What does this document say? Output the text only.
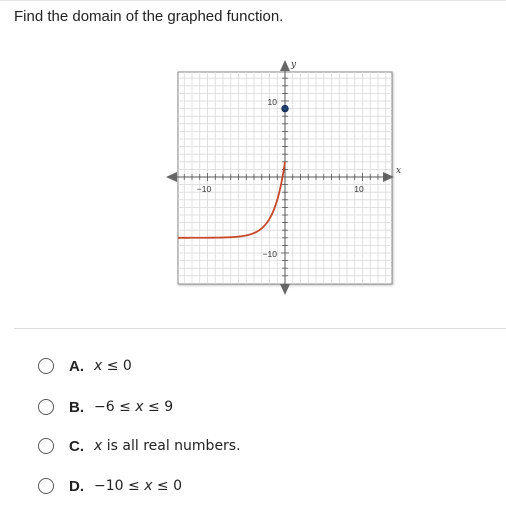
Find the domain of the graphed function.
y
x
−10	10
10
−10
A. x ≤ 0
B. −6 ≤ x ≤ 9
C. x is all real numbers.
D. −10 ≤ x ≤ 0
